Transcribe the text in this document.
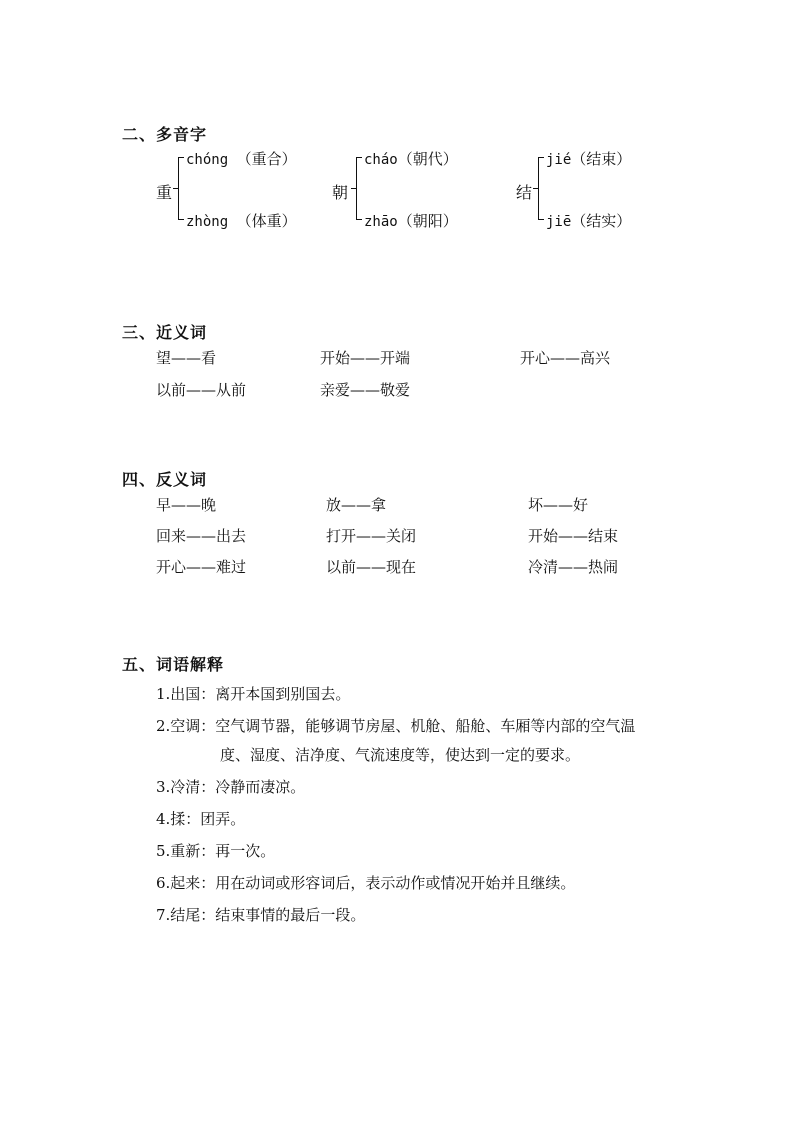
二、多音字
重
chóng （重合）
zhòng （体重）
朝
cháo（朝代）
zhāo（朝阳）
结
jié（结束）
jiē（结实）
三、近义词
望——看	开始——开端	开心——高兴
以前——从前	亲爱——敬爱
四、反义词
早——晚	放——拿	坏——好
回来——出去	打开——关闭	开始——结束
开心——难过	以前——现在	冷清——热闹
五、词语解释
1.出国：离开本国到别国去。
2.空调：空气调节器，能够调节房屋、机舱、船舱、车厢等内部的空气温
度、湿度、洁净度、气流速度等，使达到一定的要求。
3.冷清：冷静而凄凉。
4.揉：团弄。
5.重新：再一次。
6.起来：用在动词或形容词后，表示动作或情况开始并且继续。
7.结尾：结束事情的最后一段。
